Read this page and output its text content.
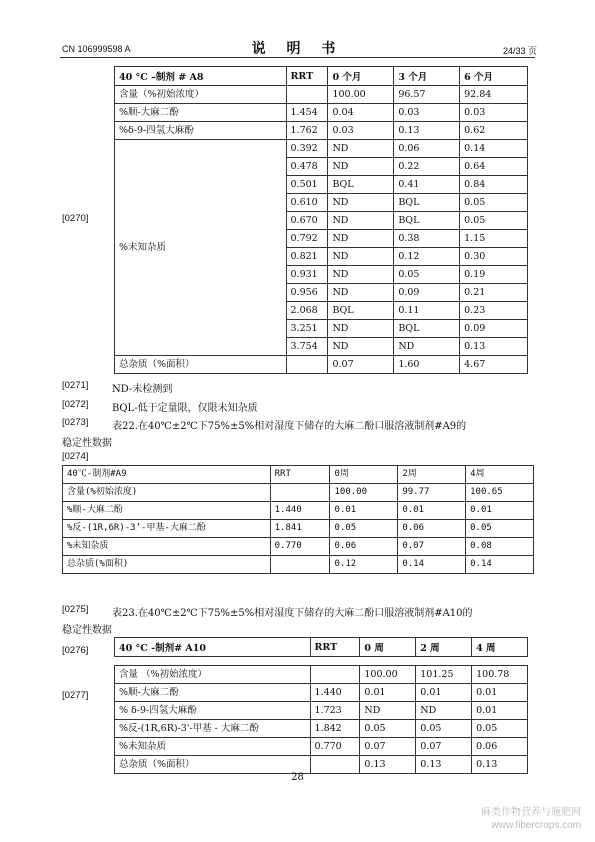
CN 106999598 A	说 明 书	24/33 页
[0270]
40 °C –制剂 # A8	RRT	0 个月	3 个月	6 个月
含量（%初始浓度）		100.00	96.57	92.84
%顺-大麻二酚	1.454	0.04	0.03	0.03
%δ-9-四氢大麻酚	1.762	0.03	0.13	0.62
%未知杂质	0.392	ND	0.06	0.14
	0.478	ND	0.22	0.64
	0.501	BQL	0.41	0.84
	0.610	ND	BQL	0.05
	0.670	ND	BQL	0.05
	0.792	ND	0.38	1.15
	0.821	ND	0.12	0.30
	0.931	ND	0.05	0.19
	0.956	ND	0.09	0.21
	2.068	BQL	0.11	0.23
	3.251	ND	BQL	0.09
	3.754	ND	ND	0.13
总杂质（%面积）		0.07	1.60	4.67
[0271] ND-未检测到
[0272] BQL-低于定量限，仅限未知杂质
[0273] 表22.在40℃±2℃下75%±5%相对湿度下储存的大麻二酚口服溶液制剂#A9的
稳定性数据
[0274]
40℃-制剂#A9	RRT	0周	2周	4周
含量(%初始浓度)		100.00	99.77	100.65
%顺-大麻二酚	1.440	0.01	0.01	0.01
%反-(1R,6R)-3’-甲基-大麻二酚	1.841	0.05	0.06	0.05
%未知杂质	0.770	0.06	0.07	0.08
总杂质(%面积)		0.12	0.14	0.14
[0275] 表23.在40℃±2℃下75%±5%相对湿度下储存的大麻二酚口服溶液制剂#A10的
稳定性数据
[0276]
[0277]
40 °C -制剂# A10	RRT	0 周	2 周	4 周
含量 （%初始浓度）		100.00	101.25	100.78
%顺-大麻二酚	1.440	0.01	0.01	0.01
% δ-9-四氢大麻酚	1.723	ND	ND	0.01
%反-(1R,6R)-3'-甲基 - 大麻二酚	1.842	0.05	0.05	0.05
%未知杂质	0.770	0.07	0.07	0.06
总杂质（%面积）		0.13	0.13	0.13
28
麻类作物营养与施肥网
www.fibercrops.com
